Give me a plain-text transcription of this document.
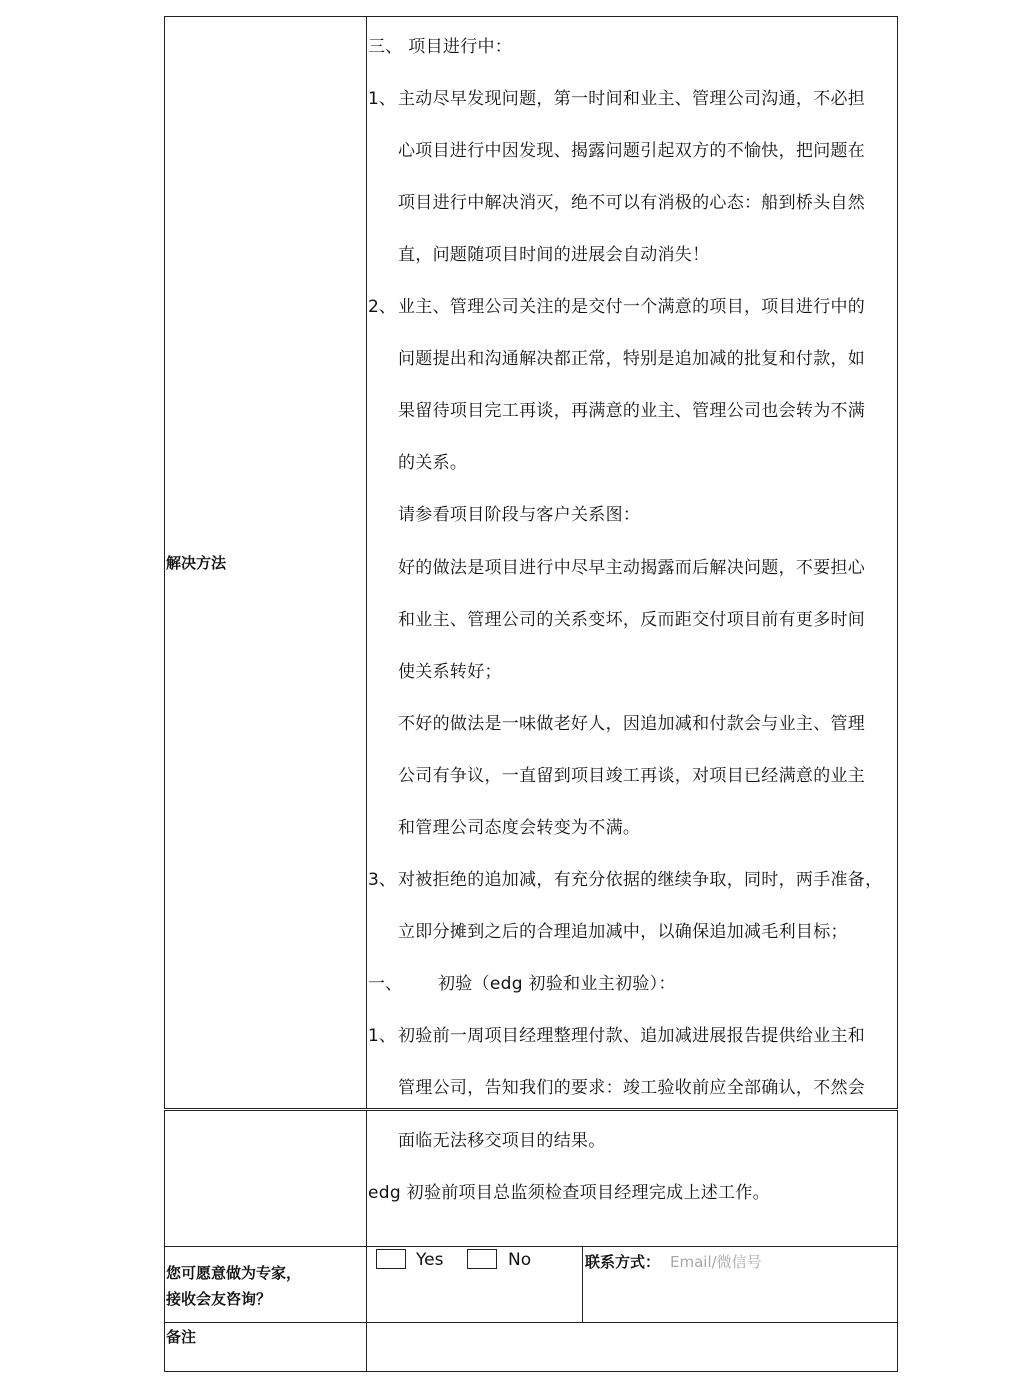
解决方法
三、 项目进行中：
1、 主动尽早发现问题，第一时间和业主、管理公司沟通，不必担
心项目进行中因发现、揭露问题引起双方的不愉快，把问题在
项目进行中解决消灭，绝不可以有消极的心态：船到桥头自然
直，问题随项目时间的进展会自动消失！
2、 业主、管理公司关注的是交付一个满意的项目，项目进行中的
问题提出和沟通解决都正常，特别是追加减的批复和付款，如
果留待项目完工再谈，再满意的业主、管理公司也会转为不满
的关系。
请参看项目阶段与客户关系图：
好的做法是项目进行中尽早主动揭露而后解决问题，不要担心
和业主、管理公司的关系变坏，反而距交付项目前有更多时间
使关系转好；
不好的做法是一味做老好人，因追加减和付款会与业主、管理
公司有争议，一直留到项目竣工再谈，对项目已经满意的业主
和管理公司态度会转变为不满。
3、 对被拒绝的追加减，有充分依据的继续争取，同时，两手准备，
立即分摊到之后的合理追加减中，以确保追加减毛利目标；
一、 初验（edg 初验和业主初验）：
1、 初验前一周项目经理整理付款、追加减进展报告提供给业主和
管理公司，告知我们的要求：竣工验收前应全部确认，不然会
面临无法移交项目的结果。
edg 初验前项目总监须检查项目经理完成上述工作。
您可愿意做为专家，
接收会友咨询？
Yes	No	联系方式： Email/微信号
备注
